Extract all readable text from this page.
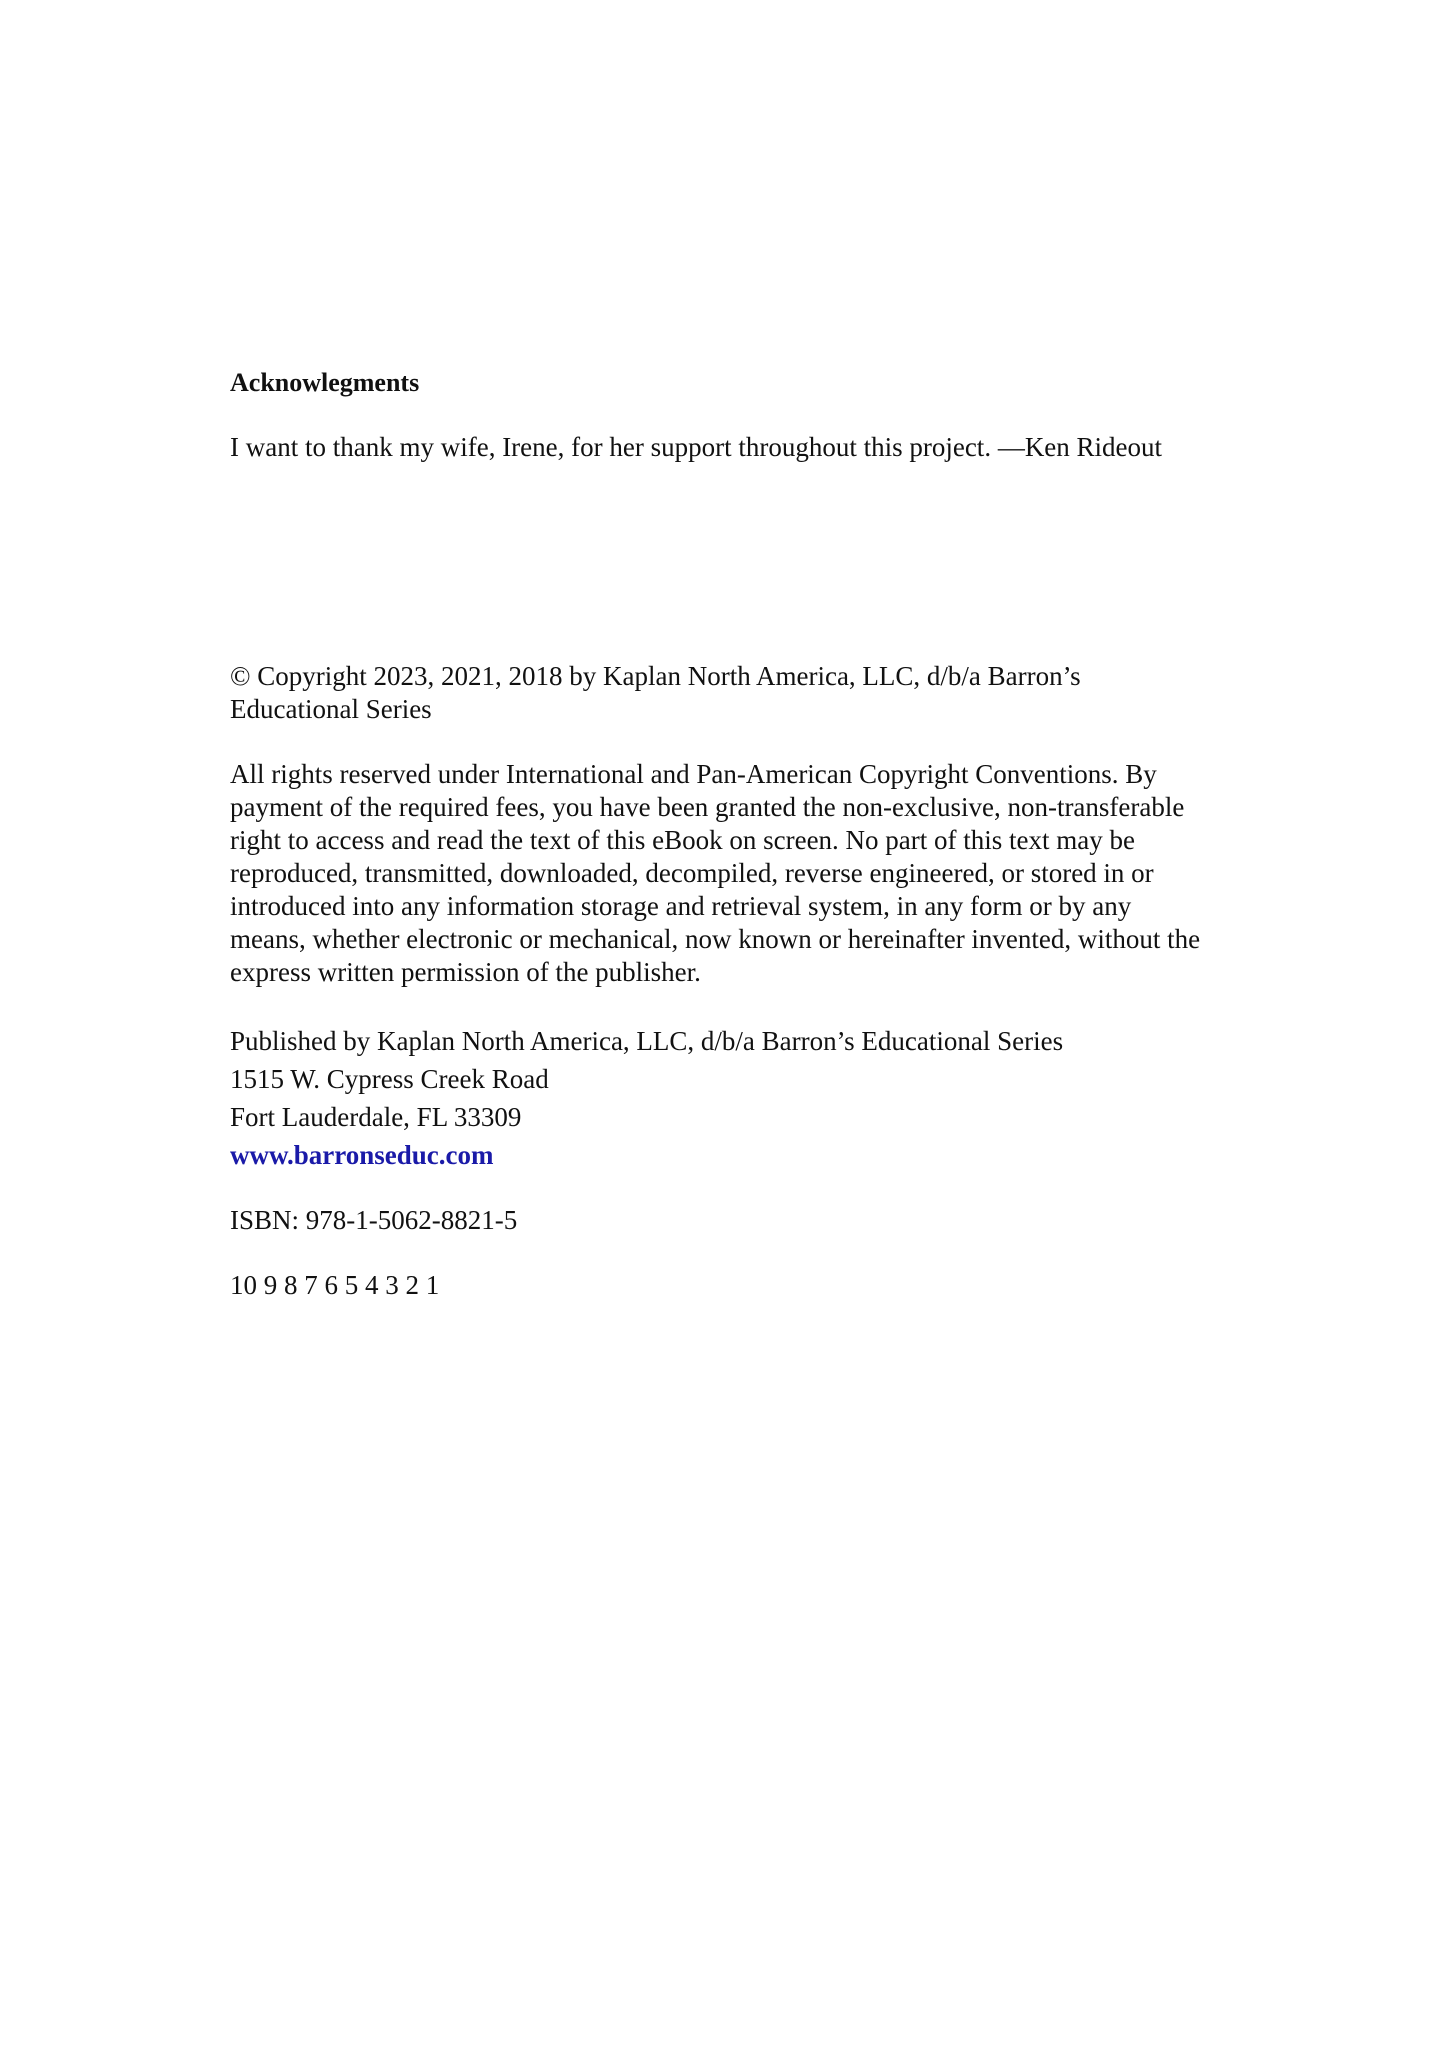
Acknowlegments
I want to thank my wife, Irene, for her support throughout this project. —Ken Rideout
© Copyright 2023, 2021, 2018 by Kaplan North America, LLC, d/b/a Barron’s
Educational Series
All rights reserved under International and Pan-American Copyright Conventions. By
payment of the required fees, you have been granted the non-exclusive, non-transferable
right to access and read the text of this eBook on screen. No part of this text may be
reproduced, transmitted, downloaded, decompiled, reverse engineered, or stored in or
introduced into any information storage and retrieval system, in any form or by any
means, whether electronic or mechanical, now known or hereinafter invented, without the
express written permission of the publisher.
Published by Kaplan North America, LLC, d/b/a Barron’s Educational Series
1515 W. Cypress Creek Road
Fort Lauderdale, FL 33309
www.barronseduc.com
ISBN: 978-1-5062-8821-5
10 9 8 7 6 5 4 3 2 1
